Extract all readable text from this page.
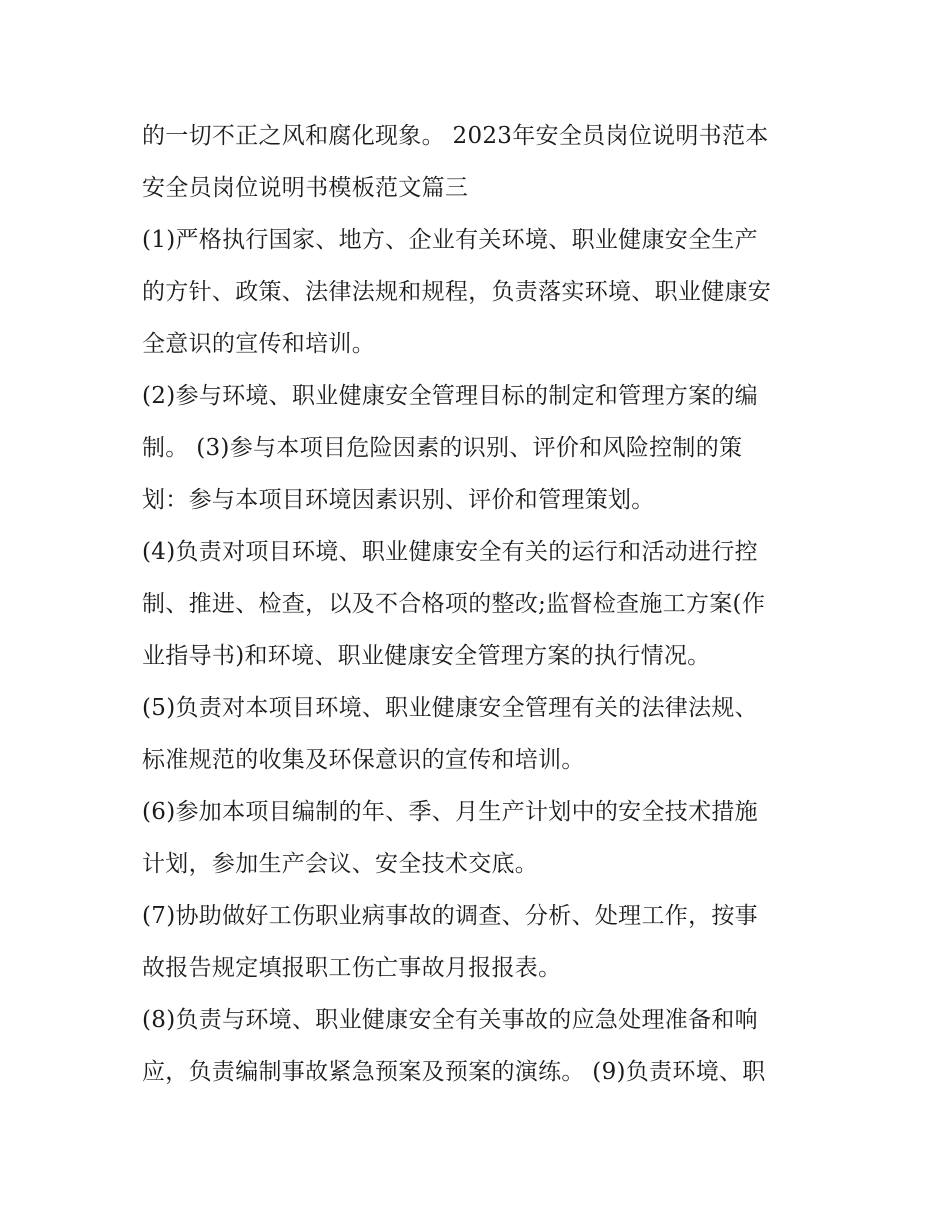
的一切不正之风和腐化现象。 2023年安全员岗位说明书范本
安全员岗位说明书模板范文篇三

(1)严格执行国家、地方、企业有关环境、职业健康安全生产
的方针、政策、法律法规和规程，负责落实环境、职业健康安
全意识的宣传和培训。

(2)参与环境、职业健康安全管理目标的制定和管理方案的编
制。 (3)参与本项目危险因素的识别、评价和风险控制的策
划：参与本项目环境因素识别、评价和管理策划。

(4)负责对项目环境、职业健康安全有关的运行和活动进行控
制、推进、检查，以及不合格项的整改;监督检查施工方案(作
业指导书)和环境、职业健康安全管理方案的执行情况。

(5)负责对本项目环境、职业健康安全管理有关的法律法规、
标准规范的收集及环保意识的宣传和培训。

(6)参加本项目编制的年、季、月生产计划中的安全技术措施
计划，参加生产会议、安全技术交底。

(7)协助做好工伤职业病事故的调查、分析、处理工作，按事
故报告规定填报职工伤亡事故月报报表。

(8)负责与环境、职业健康安全有关事故的应急处理准备和响
应，负责编制事故紧急预案及预案的演练。 (9)负责环境、职
